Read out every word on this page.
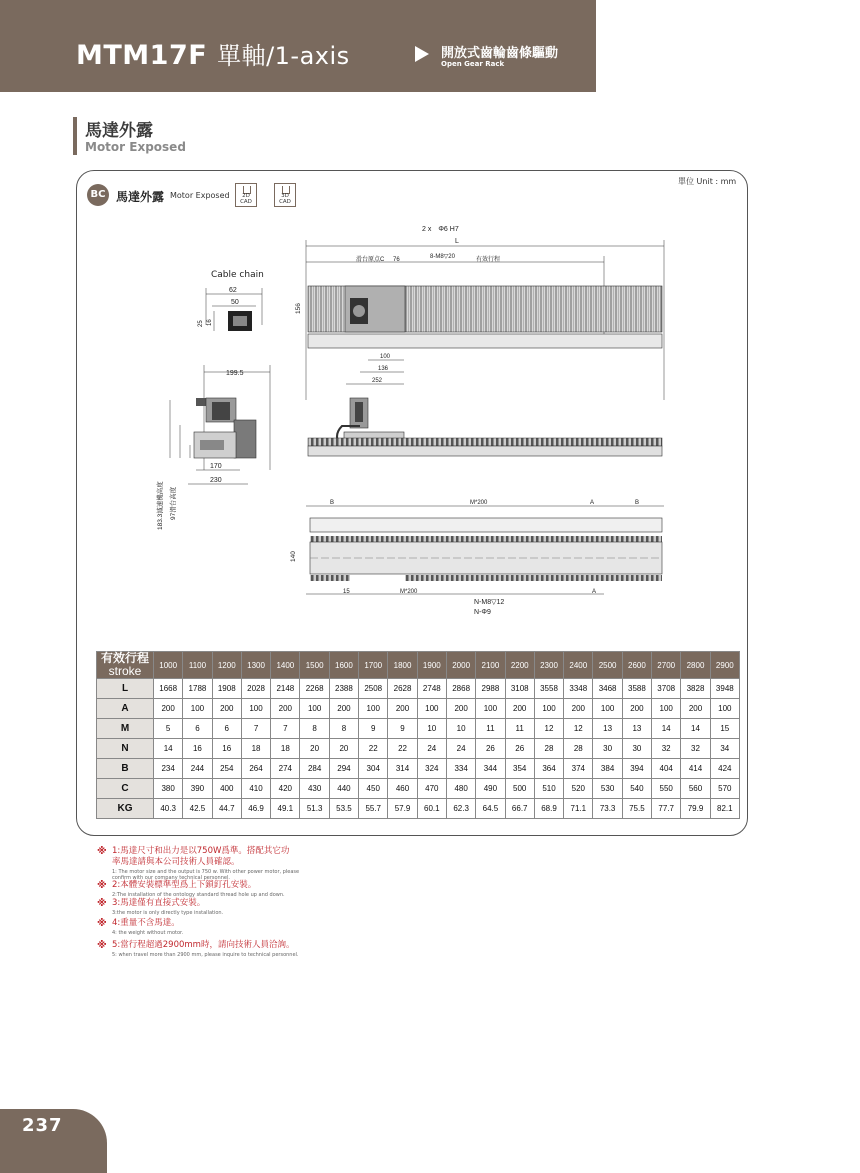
MTM17F 單軸/1-axis	開放式齒輪齒條驅動
Open Gear Rack
馬達外露
Motor Exposed
單位 Unit : mm
BC 馬達外露 Motor Exposed	2D CAD
3D CAD
Cable chain
62
50
25 16
199.5
170
230
183.3減速機高度 97滑台高度
2 x　Φ6 H7
L
滑台原点C 76	8-M8▽20	有效行程
156
100
136
252
B	M*200	A	B
140
15	M*200	A
N-M8▽12
N-Φ9
有效行程
stroke	1000	1100	1200	1300	1400	1500	1600	1700	1800	1900	2000	2100	2200	2300	2400	2500	2600	2700	2800	2900
L	1668	1788	1908	2028	2148	2268	2388	2508	2628	2748	2868	2988	3108	3558	3348	3468	3588	3708	3828	3948
A	200	100	200	100	200	100	200	100	200	100	200	100	200	100	200	100	200	100	200	100
M	5	6	6	7	7	8	8	9	9	10	10	11	11	12	12	13	13	14	14	15
N	14	16	16	18	18	20	20	22	22	24	24	26	26	28	28	30	30	32	32	34
B	234	244	254	264	274	284	294	304	314	324	334	344	354	364	374	384	394	404	414	424
C	380	390	400	410	420	430	440	450	460	470	480	490	500	510	520	530	540	550	560	570
KG	40.3	42.5	44.7	46.9	49.1	51.3	53.5	55.7	57.9	60.1	62.3	64.5	66.7	68.9	71.1	73.3	75.5	77.7	79.9	82.1
※ 1:馬達尺寸和出力是以750W爲準。搭配其它功
率馬達請與本公司技術人員確認。
1: The motor size and the output is 750 w. With other power motor, please
confirm with our company technical personnel.
※ 2:本體安裝標準型爲上下鎖釘孔安裝。
2:The installation of the ontology standard thread hole up and down.
※ 3:馬達僅有直接式安裝。
3:the motor is only directly type installation.
※ 4:重量不含馬達。
4: the weight without motor.
※ 5:當行程超過2900mm時，請向技術人員洽詢。
5: when travel more than 2900 mm, please inquire to technical personnel.
237
